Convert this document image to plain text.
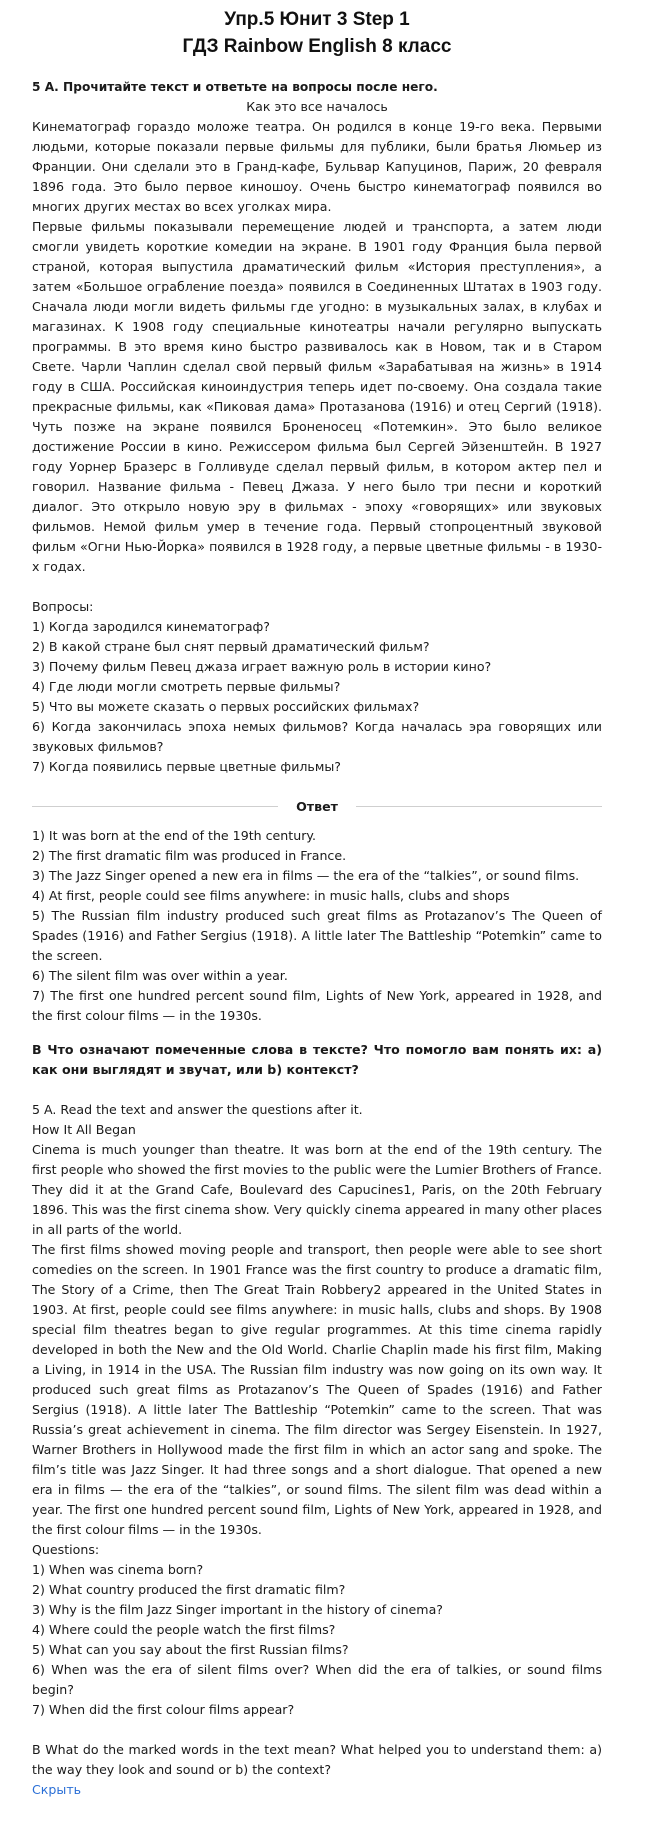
Упр.5 Юнит 3 Step 1
ГДЗ Rainbow English 8 класс
5 А. Прочитайте текст и ответьте на вопросы после него.
Как это все началось

Кинематограф гораздо моложе театра. Он родился в конце 19-го века. Первыми людьми, которые показали первые фильмы для публики, были братья Люмьер из Франции. Они сделали это в Гранд-кафе, Бульвар Капуцинов, Париж, 20 февраля 1896 года. Это было первое киношоу. Очень быстро кинематограф появился во многих других местах во всех уголках мира.

Первые фильмы показывали перемещение людей и транспорта, а затем люди смогли увидеть короткие комедии на экране. В 1901 году Франция была первой страной, которая выпустила драматический фильм «История преступления», а затем «Большое ограбление поезда» появился в Соединенных Штатах в 1903 году. Сначала люди могли видеть фильмы где угодно: в музыкальных залах, в клубах и магазинах. К 1908 году специальные кинотеатры начали регулярно выпускать программы. В это время кино быстро развивалось как в Новом, так и в Старом Свете. Чарли Чаплин сделал свой первый фильм «Зарабатывая на жизнь» в 1914 году в США. Российская киноиндустрия теперь идет по-своему. Она создала такие прекрасные фильмы, как «Пиковая дама» Протазанова (1916) и отец Сергий (1918). Чуть позже на экране появился Броненосец «Потемкин». Это было великое достижение России в кино. Режиссером фильма был Сергей Эйзенштейн. В 1927 году Уорнер Бразерс в Голливуде сделал первый фильм, в котором актер пел и говорил. Название фильма - Певец Джаза. У него было три песни и короткий диалог. Это открыло новую эру в фильмах - эпоху «говорящих» или звуковых фильмов. Немой фильм умер в течение года. Первый стопроцентный звуковой фильм «Огни Нью-Йорка» появился в 1928 году, а первые цветные фильмы - в 1930-х годах.

Вопросы:
1) Когда зародился кинематограф?
2) В какой стране был снят первый драматический фильм?
3) Почему фильм Певец джаза играет важную роль в истории кино?
4) Где люди могли смотреть первые фильмы?
5) Что вы можете сказать о первых российских фильмах?
6) Когда закончилась эпоха немых фильмов? Когда началась эра говорящих или звуковых фильмов?
7) Когда появились первые цветные фильмы?
Ответ
1) It was born at the end of the 19th century.
2) The first dramatic film was produced in France.
3) The Jazz Singer opened a new era in films — the era of the “talkies”, or sound films.
4) At first, people could see films anywhere: in music halls, clubs and shops
5) The Russian film industry produced such great films as Protazanov’s The Queen of Spades (1916) and Father Sergius (1918). A little later The Battleship “Potemkin” came to the screen.
6) The silent film was over within a year.
7) The first one hundred percent sound film, Lights of New York, appeared in 1928, and the first colour films — in the 1930s.
В Что означают помеченные слова в тексте? Что помогло вам понять их: а) как они выглядят и звучат, или b) контекст?
5 A. Read the text and answer the questions after it.
How It All Began

Cinema is much younger than theatre. It was born at the end of the 19th century. The first people who showed the first movies to the public were the Lumier Brothers of France. They did it at the Grand Cafe, Boulevard des Capucines1, Paris, on the 20th February 1896. This was the first cinema show. Very quickly cinema appeared in many other places in all parts of the world.

The first films showed moving people and transport, then people were able to see short comedies on the screen. In 1901 France was the first country to produce a dramatic film, The Story of a Crime, then The Great Train Robbery2 appeared in the United States in 1903. At first, people could see films anywhere: in music halls, clubs and shops. By 1908 special film theatres began to give regular programmes. At this time cinema rapidly developed in both the New and the Old World. Charlie Chaplin made his first film, Making a Living, in 1914 in the USA. The Russian film industry was now going on its own way. It produced such great films as Protazanov’s The Queen of Spades (1916) and Father Sergius (1918). A little later The Battleship “Potemkin” came to the screen. That was Russia’s great achievement in cinema. The film director was Sergey Eisenstein. In 1927, Warner Brothers in Hollywood made the first film in which an actor sang and spoke. The film’s title was Jazz Singer. It had three songs and a short dialogue. That opened a new era in films — the era of the “talkies”, or sound films. The silent film was dead within a year. The first one hundred percent sound film, Lights of New York, appeared in 1928, and the first colour films — in the 1930s.

Questions:
1) When was cinema born?
2) What country produced the first dramatic film?
3) Why is the film Jazz Singer important in the history of cinema?
4) Where could the people watch the first films?
5) What can you say about the first Russian films?
6) When was the era of silent films over? When did the era of talkies, or sound films begin?
7) When did the first colour films appear?
B What do the marked words in the text mean? What helped you to understand them: a) the way they look and sound or b) the context?
Скрыть
